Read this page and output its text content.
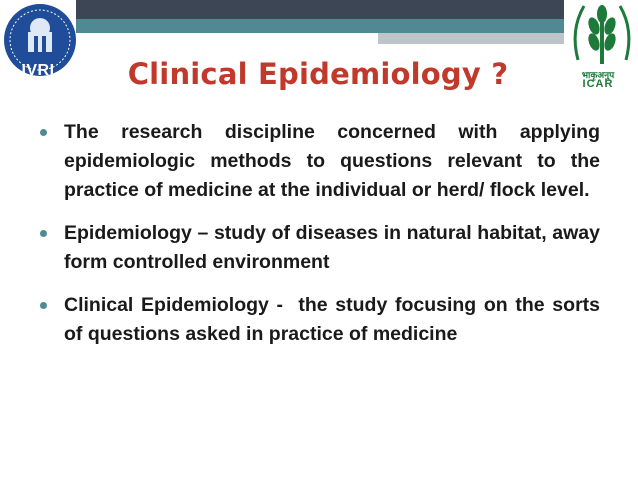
IVRI	भाकृअनुप
ICAR
Clinical Epidemiology ?
The research discipline concerned with applying epidemiologic methods to questions relevant to the practice of medicine at the individual or herd/ flock level.
Epidemiology – study of diseases in natural habitat, away form controlled environment
Clinical Epidemiology -  the study focusing on the sorts of questions asked in practice of medicine
